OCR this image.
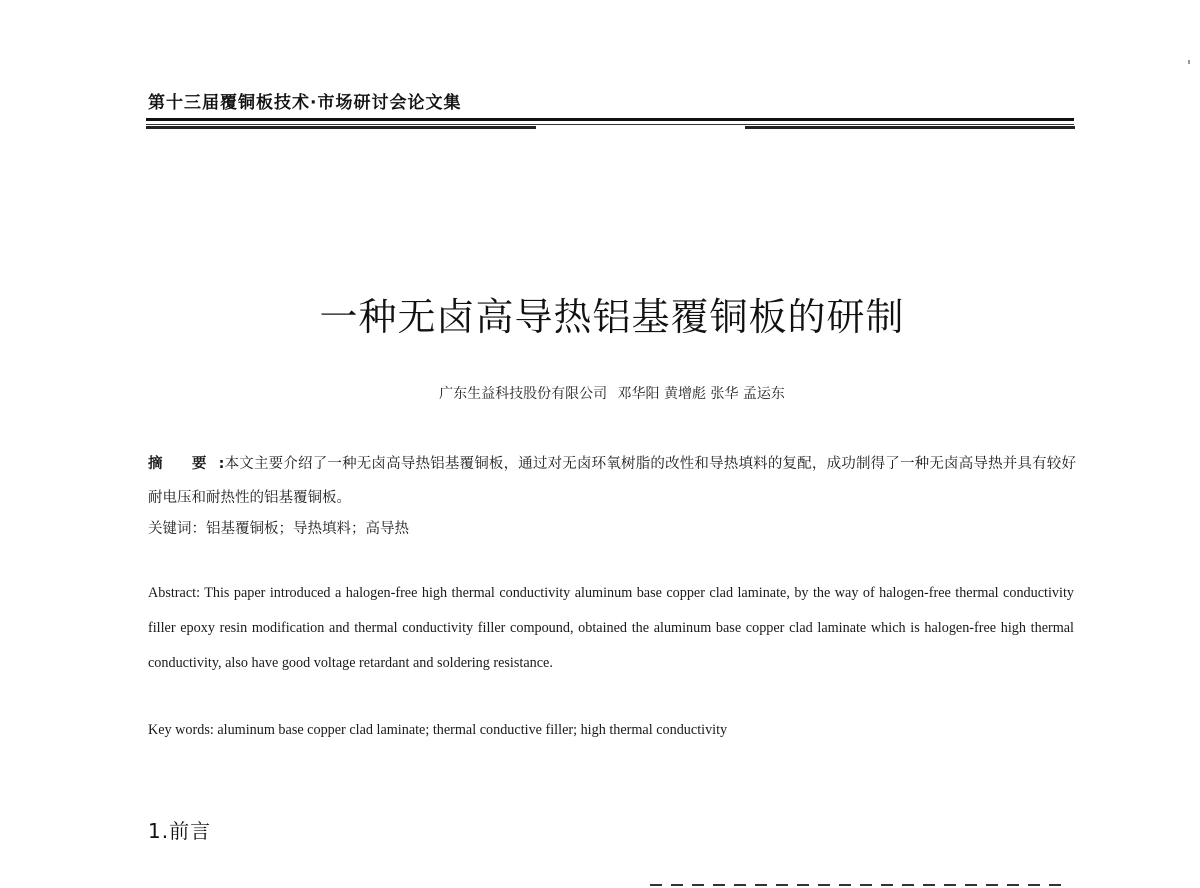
第十三届覆铜板技术·市场研讨会论文集
一种无卤高导热铝基覆铜板的研制
广东生益科技股份有限公司 邓华阳 黄增彪 张华 孟运东
摘 要:本文主要介绍了一种无卤高导热铝基覆铜板，通过对无卤环氧树脂的改性和导热填料的复配，成功制得了一种无卤高导热并具有较好耐电压和耐热性的铝基覆铜板。
关键词：铝基覆铜板；导热填料；高导热
Abstract: This paper introduced a halogen-free high thermal conductivity aluminum base copper clad laminate, by the way of halogen-free thermal conductivity filler epoxy resin modification and thermal conductivity filler compound, obtained the aluminum base copper clad laminate which is halogen-free high thermal conductivity, also have good voltage retardant and soldering resistance.
Key words: aluminum base copper clad laminate; thermal conductive filler; high thermal conductivity
1.前言
